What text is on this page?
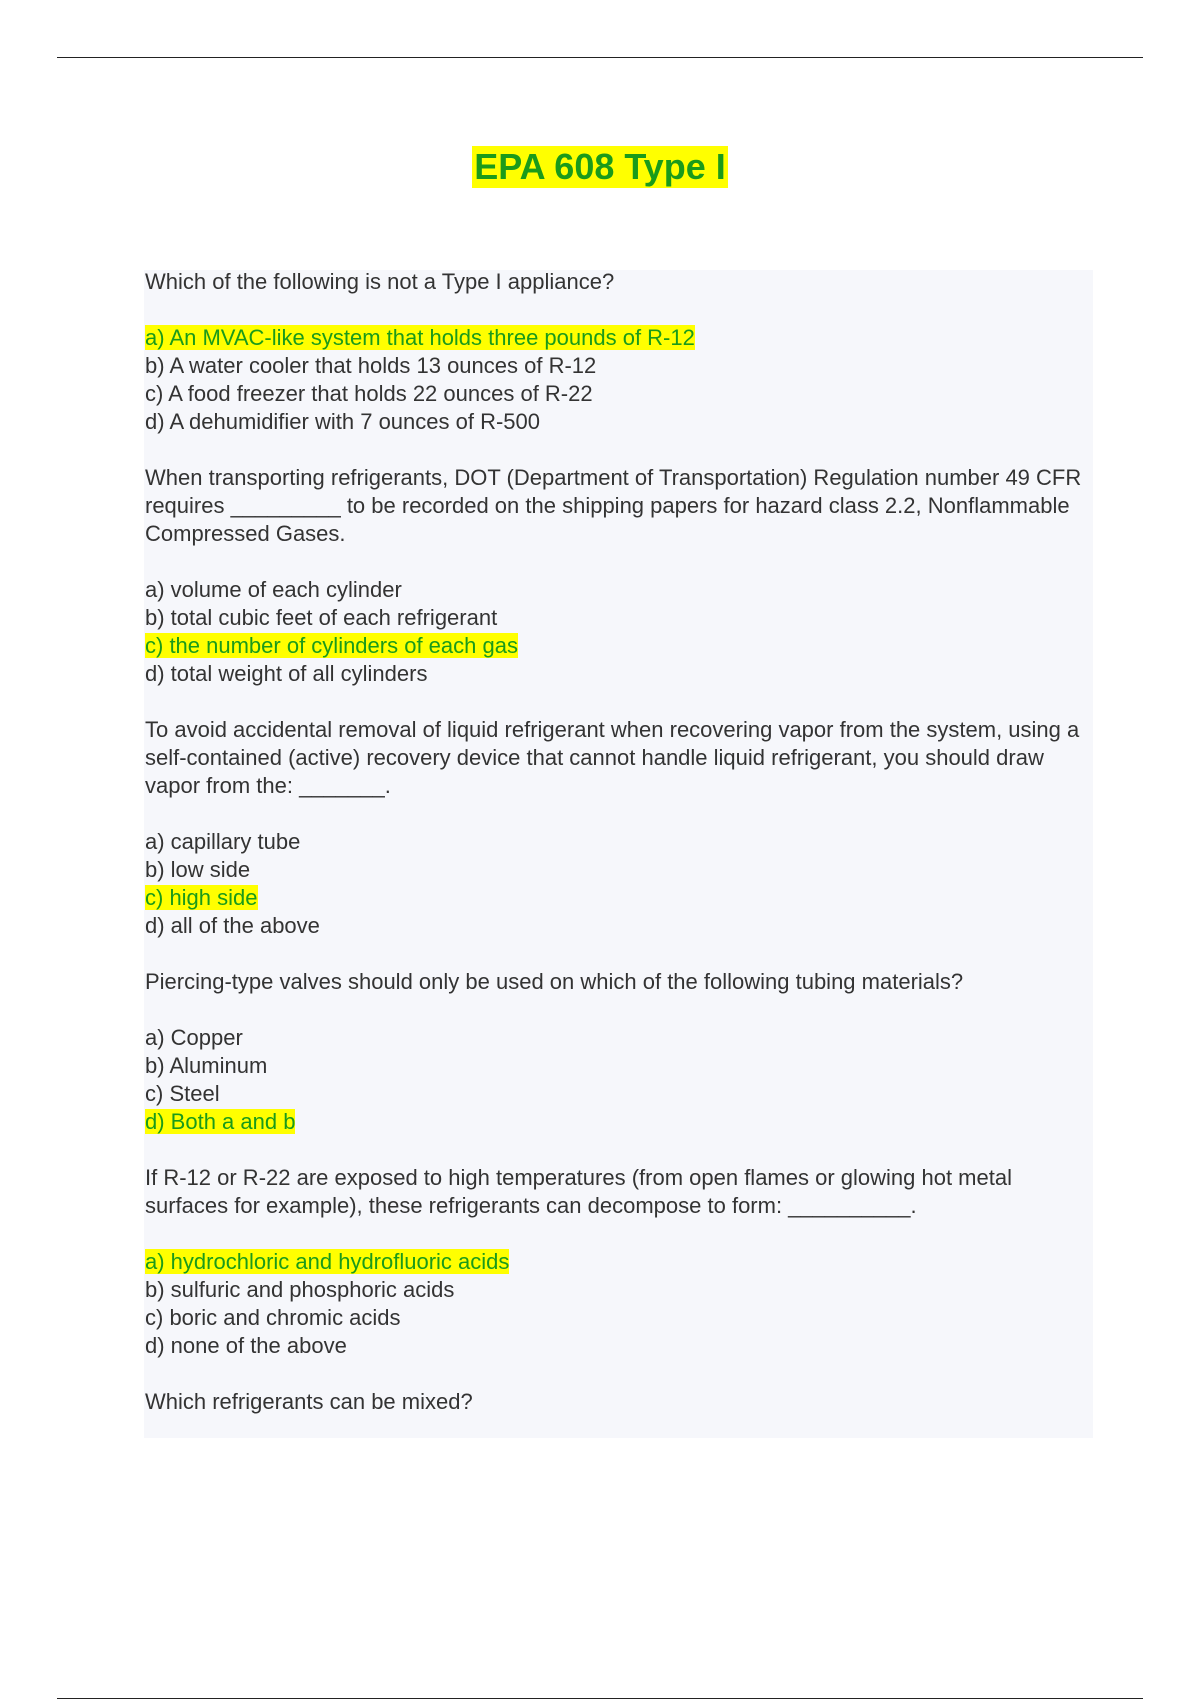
EPA 608 Type I
Which of the following is not a Type I appliance?
a) An MVAC-like system that holds three pounds of R-12
b) A water cooler that holds 13 ounces of R-12
c) A food freezer that holds 22 ounces of R-22
d) A dehumidifier with 7 ounces of R-500
When transporting refrigerants, DOT (Department of Transportation) Regulation number 49 CFR requires _________ to be recorded on the shipping papers for hazard class 2.2, Nonflammable Compressed Gases.
a) volume of each cylinder
b) total cubic feet of each refrigerant
c) the number of cylinders of each gas
d) total weight of all cylinders
To avoid accidental removal of liquid refrigerant when recovering vapor from the system, using a self-contained (active) recovery device that cannot handle liquid refrigerant, you should draw vapor from the: _______.
a) capillary tube
b) low side
c) high side
d) all of the above
Piercing-type valves should only be used on which of the following tubing materials?
a) Copper
b) Aluminum
c) Steel
d) Both a and b
If R-12 or R-22 are exposed to high temperatures (from open flames or glowing hot metal surfaces for example), these refrigerants can decompose to form: __________.
a) hydrochloric and hydrofluoric acids
b) sulfuric and phosphoric acids
c) boric and chromic acids
d) none of the above
Which refrigerants can be mixed?
